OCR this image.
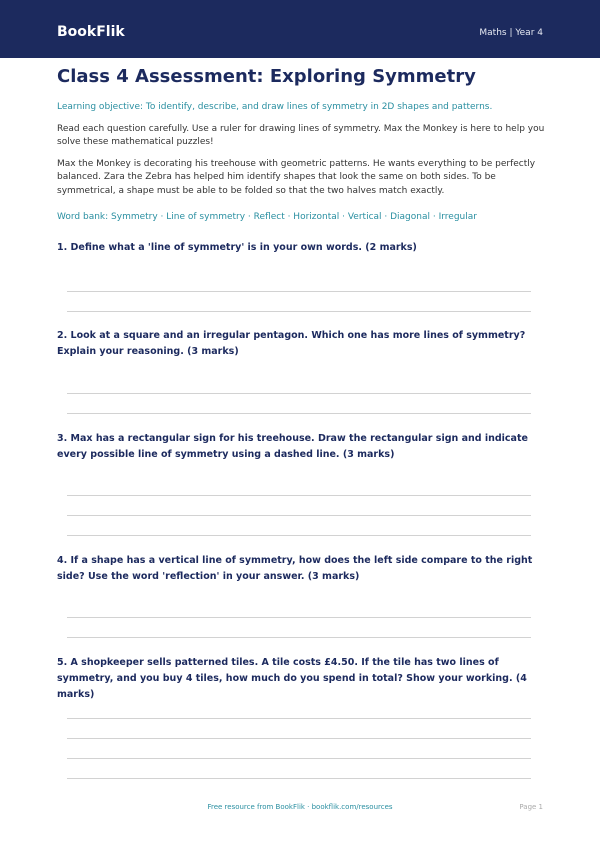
BookFlik	Maths | Year 4
Class 4 Assessment: Exploring Symmetry
Learning objective: To identify, describe, and draw lines of symmetry in 2D shapes and patterns.
Read each question carefully. Use a ruler for drawing lines of symmetry. Max the Monkey is here to help you solve these mathematical puzzles!
Max the Monkey is decorating his treehouse with geometric patterns. He wants everything to be perfectly balanced. Zara the Zebra has helped him identify shapes that look the same on both sides. To be symmetrical, a shape must be able to be folded so that the two halves match exactly.
Word bank: Symmetry · Line of symmetry · Reflect · Horizontal · Vertical · Diagonal · Irregular
1. Define what a 'line of symmetry' is in your own words. (2 marks)
2. Look at a square and an irregular pentagon. Which one has more lines of symmetry? Explain your reasoning. (3 marks)
3. Max has a rectangular sign for his treehouse. Draw the rectangular sign and indicate every possible line of symmetry using a dashed line. (3 marks)
4. If a shape has a vertical line of symmetry, how does the left side compare to the right side? Use the word 'reflection' in your answer. (3 marks)
5. A shopkeeper sells patterned tiles. A tile costs £4.50. If the tile has two lines of symmetry, and you buy 4 tiles, how much do you spend in total? Show your working. (4 marks)
Free resource from BookFlik · bookflik.com/resources	Page 1
